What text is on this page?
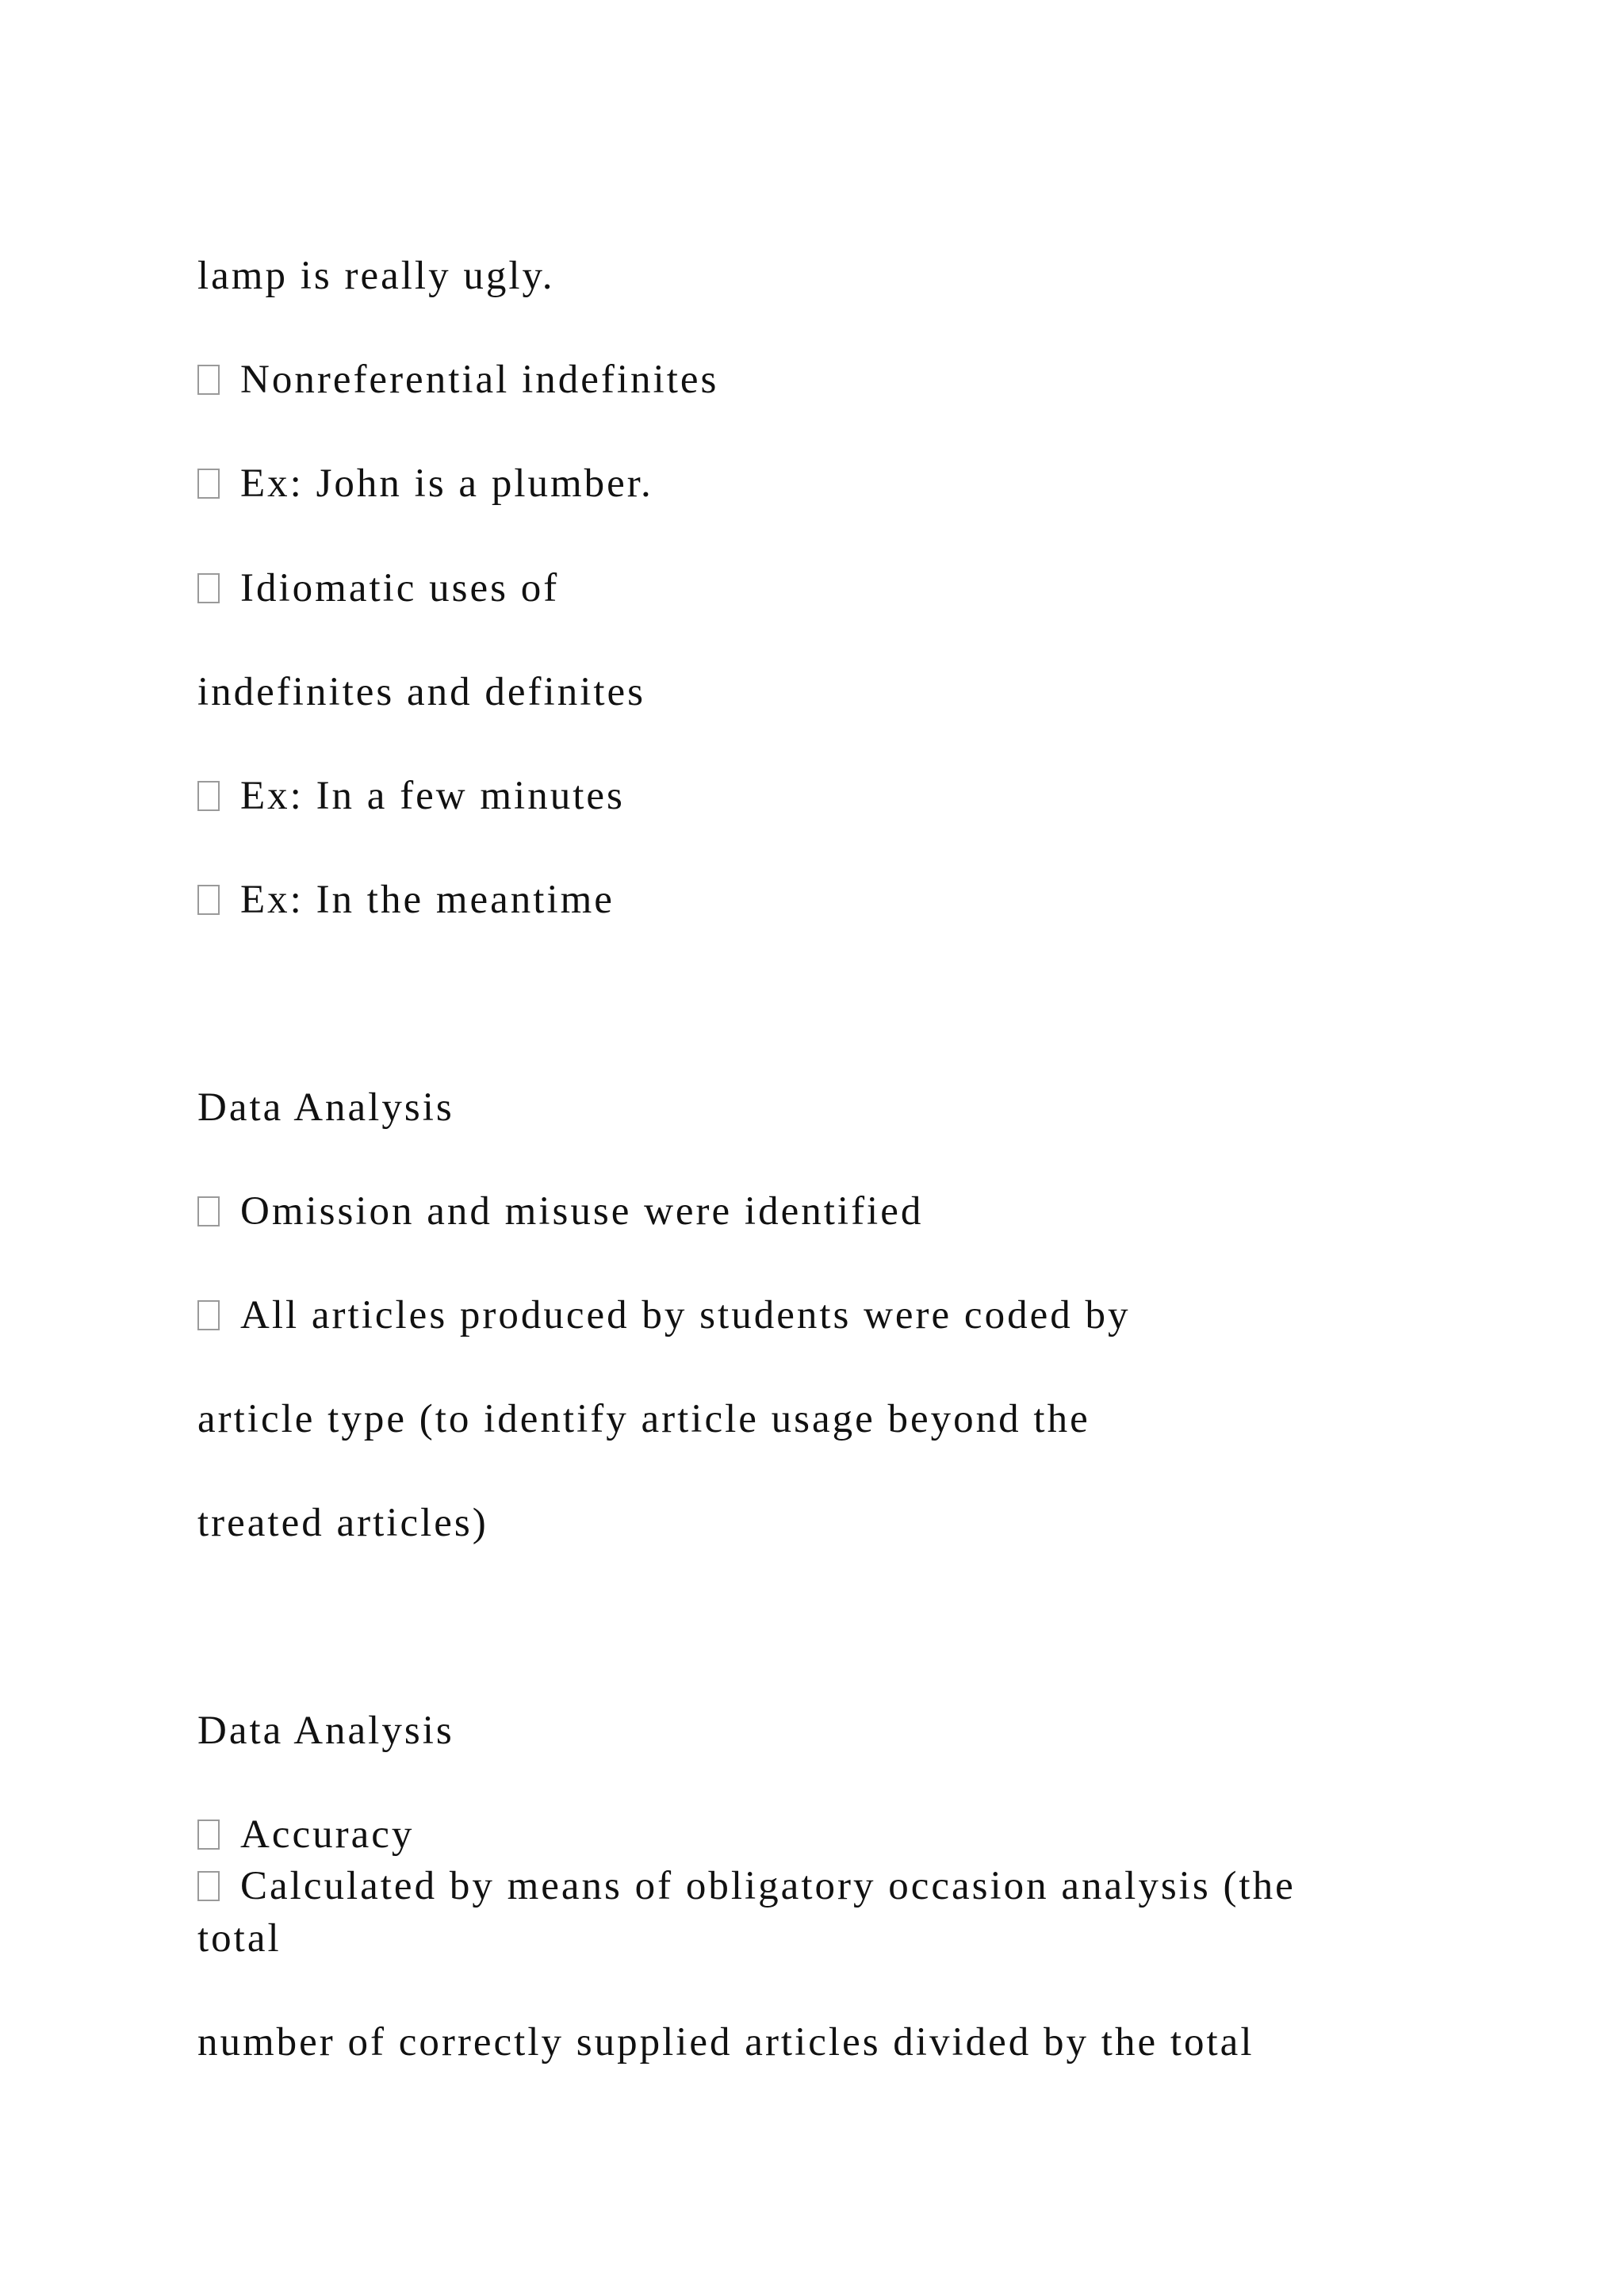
lamp is really ugly.
Nonreferential indefinites
Ex: John is a plumber.
Idiomatic uses of
indefinites and definites
Ex: In a few minutes
Ex: In the meantime
Data Analysis
Omission and misuse were identified
All articles produced by students were coded by
article type (to identify article usage beyond the
treated articles)
Data Analysis
Accuracy
Calculated by means of obligatory occasion analysis (the
total
number of correctly supplied articles divided by the total
